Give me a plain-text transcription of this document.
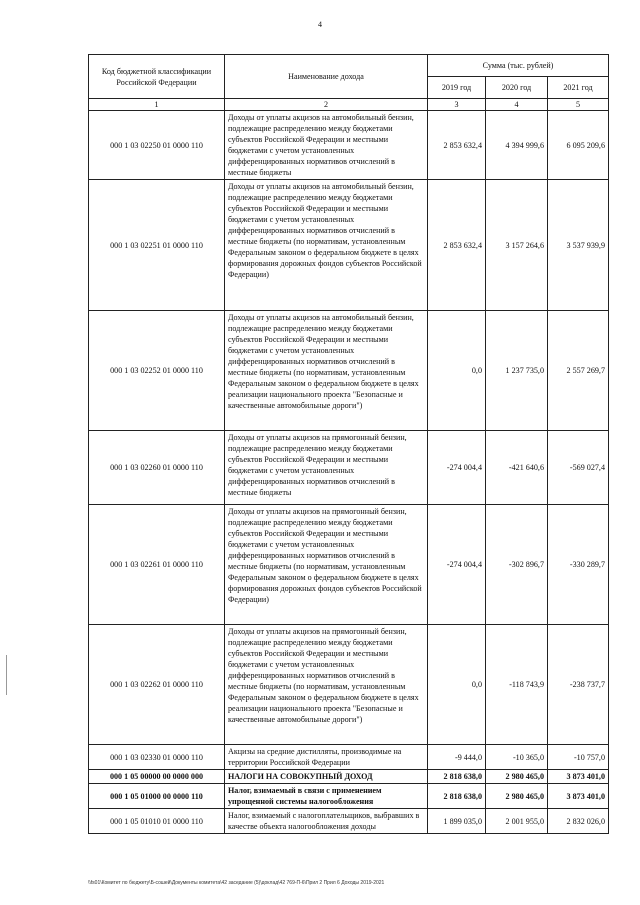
4
Код бюджетной классификации Российской Федерации	Наименование дохода	Сумма (тыс. рублей)		
		2019 год	2020 год	2021 год
1	2	3	4	5
000 1 03 02250 01 0000 110	Доходы от уплаты акцизов на автомобильный бензин, подлежащие распределению между бюджетами субъектов Российской Федерации и местными бюджетами с учетом установленных дифференцированных нормативов отчислений в местные бюджеты	2 853 632,4	4 394 999,6	6 095 209,6
000 1 03 02251 01 0000 110	Доходы от уплаты акцизов на автомобильный бензин, подлежащие распределению между бюджетами субъектов Российской Федерации и местными бюджетами с учетом установленных дифференцированных нормативов отчислений в местные бюджеты (по нормативам, установленным Федеральным законом о федеральном бюджете в целях формирования дорожных фондов субъектов Российской Федерации)	2 853 632,4	3 157 264,6	3 537 939,9
000 1 03 02252 01 0000 110	Доходы от уплаты акцизов на автомобильный бензин, подлежащие распределению между бюджетами субъектов Российской Федерации и местными бюджетами с учетом установленных дифференцированных нормативов отчислений в местные бюджеты (по нормативам, установленным Федеральным законом о федеральном бюджете в целях реализации национального проекта "Безопасные и качественные автомобильные дороги")	0,0	1 237 735,0	2 557 269,7
000 1 03 02260 01 0000 110	Доходы от уплаты акцизов на прямогонный бензин, подлежащие распределению между бюджетами субъектов Российской Федерации и местными бюджетами с учетом установленных дифференцированных нормативов отчислений в местные бюджеты	-274 004,4	-421 640,6	-569 027,4
000 1 03 02261 01 0000 110	Доходы от уплаты акцизов на прямогонный бензин, подлежащие распределению между бюджетами субъектов Российской Федерации и местными бюджетами с учетом установленных дифференцированных нормативов отчислений в местные бюджеты (по нормативам, установленным Федеральным законом о федеральном бюджете в целях формирования дорожных фондов субъектов Российской Федерации)	-274 004,4	-302 896,7	-330 289,7
000 1 03 02262 01 0000 110	Доходы от уплаты акцизов на прямогонный бензин, подлежащие распределению между бюджетами субъектов Российской Федерации и местными бюджетами с учетом установленных дифференцированных нормативов отчислений в местные бюджеты (по нормативам, установленным Федеральным законом о федеральном бюджете в целях реализации национального проекта "Безопасные и качественные автомобильные дороги")	0,0	-118 743,9	-238 737,7
000 1 03 02330 01 0000 110	Акцизы на средние дистилляты, производимые на территории Российской Федерации	-9 444,0	-10 365,0	-10 757,0
000 1 05 00000 00 0000 000	НАЛОГИ НА СОВОКУПНЫЙ ДОХОД	2 818 638,0	2 980 465,0	3 873 401,0
000 1 05 01000 00 0000 110	Налог, взимаемый в связи с применением упрощенной системы налогообложения	2 818 638,0	2 980 465,0	3 873 401,0
000 1 05 01010 01 0000 110	Налог, взимаемый с налогоплательщиков, выбравших в качестве объекта налогообложения доходы	1 899 035,0	2 001 955,0	2 832 026,0
\\fs01\Комитет по бюджету\Б-сошей\Документы комитета\42 заседание (5)\доклад\42 769-П-6\Прил 2 Прил 6 Доходы 2019-2021
